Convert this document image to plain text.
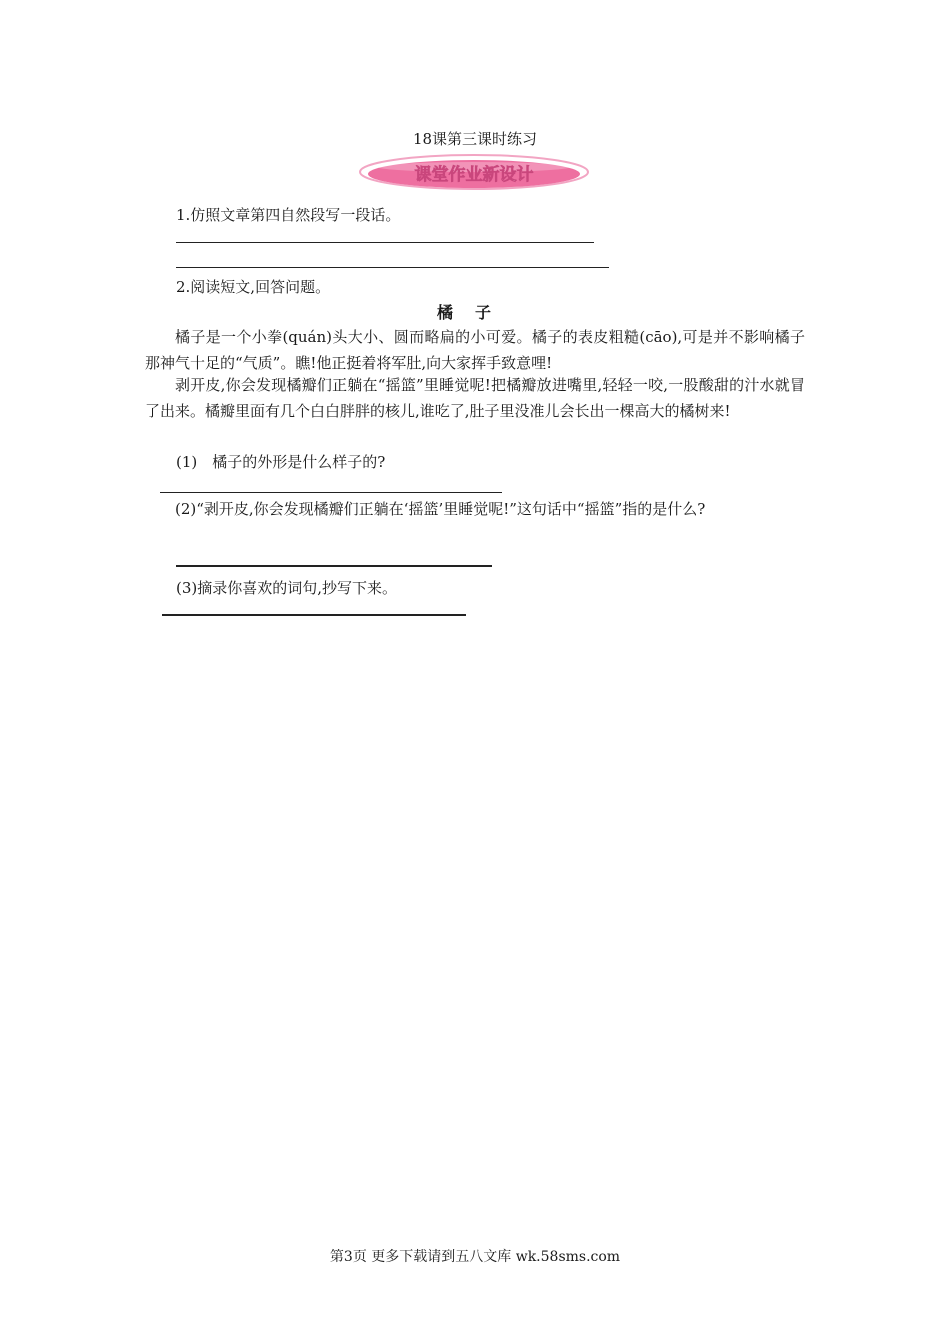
18课第三课时练习
课堂作业新设计
1.仿照文章第四自然段写一段话。
2.阅读短文,回答问题。
橘子
橘子是一个小拳(quán)头大小、圆而略扁的小可爱。橘子的表皮粗糙(cāo),可是并不影响橘子那神气十足的“气质”。瞧!他正挺着将军肚,向大家挥手致意哩!
剥开皮,你会发现橘瓣们正躺在“摇篮”里睡觉呢!把橘瓣放进嘴里,轻轻一咬,一股酸甜的汁水就冒了出来。橘瓣里面有几个白白胖胖的核儿,谁吃了,肚子里没准儿会长出一棵高大的橘树来!
(1)　橘子的外形是什么样子的?
(2)“剥开皮,你会发现橘瓣们正躺在‘摇篮’里睡觉呢!”这句话中“摇篮”指的是什么?
(3)摘录你喜欢的词句,抄写下来。
第3页 更多下载请到五八文库 wk.58sms.com
